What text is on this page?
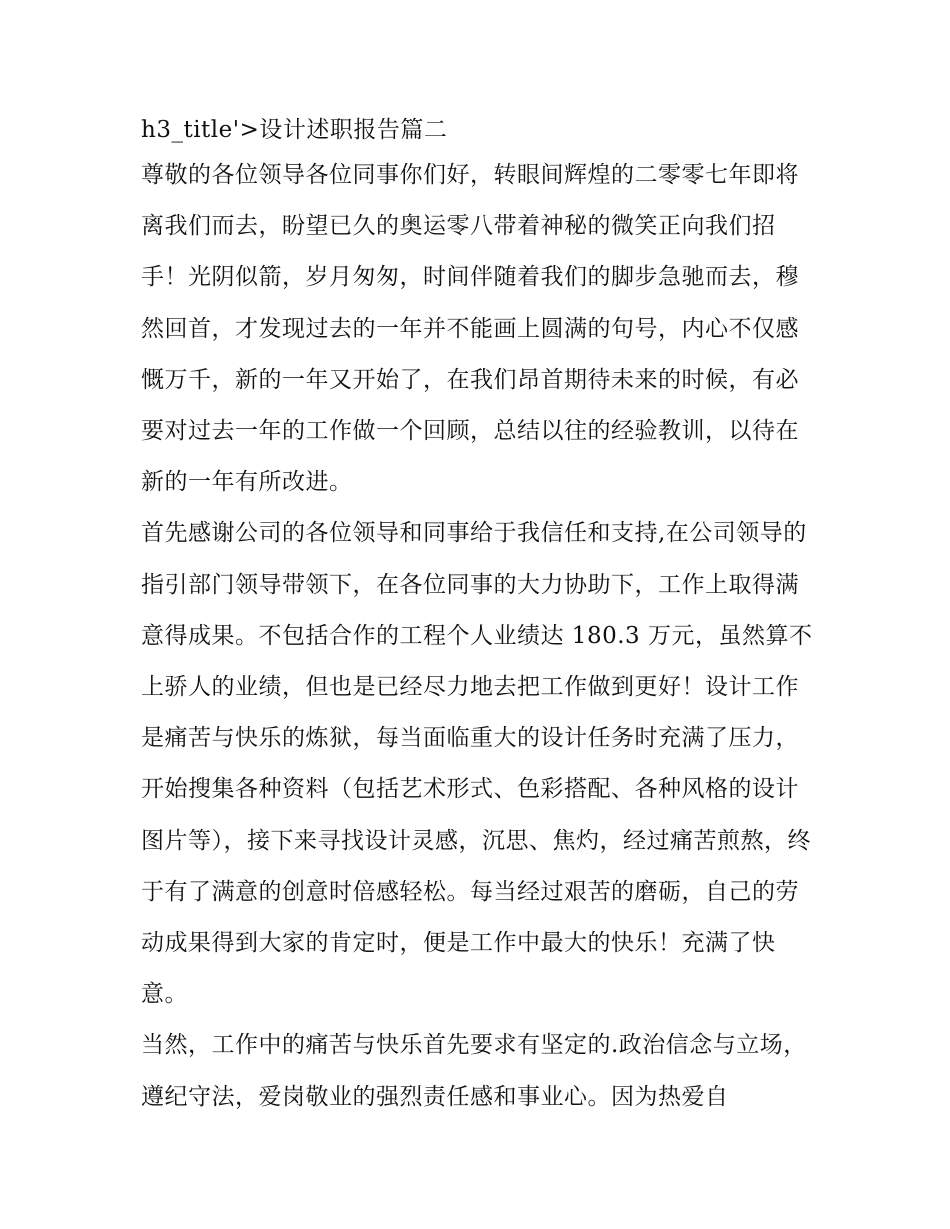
h3_title'>设计述职报告篇二

尊敬的各位领导各位同事你们好，转眼间辉煌的二零零七年即将离我们而去，盼望已久的奥运零八带着神秘的微笑正向我们招手！光阴似箭，岁月匆匆，时间伴随着我们的脚步急驰而去，穆然回首，才发现过去的一年并不能画上圆满的句号，内心不仅感慨万千，新的一年又开始了，在我们昂首期待未来的时候，有必要对过去一年的工作做一个回顾，总结以往的经验教训，以待在新的一年有所改进。

首先感谢公司的各位领导和同事给于我信任和支持,在公司领导的指引部门领导带领下，在各位同事的大力协助下，工作上取得满意得成果。不包括合作的工程个人业绩达 180.3 万元，虽然算不上骄人的业绩，但也是已经尽力地去把工作做到更好！设计工作是痛苦与快乐的炼狱，每当面临重大的设计任务时充满了压力，开始搜集各种资料（包括艺术形式、色彩搭配、各种风格的设计图片等），接下来寻找设计灵感，沉思、焦灼，经过痛苦煎熬，终于有了满意的创意时倍感轻松。每当经过艰苦的磨砺，自己的劳动成果得到大家的肯定时，便是工作中最大的快乐！充满了快意。

当然，工作中的痛苦与快乐首先要求有坚定的.政治信念与立场，遵纪守法，爱岗敬业的强烈责任感和事业心。因为热爱自
